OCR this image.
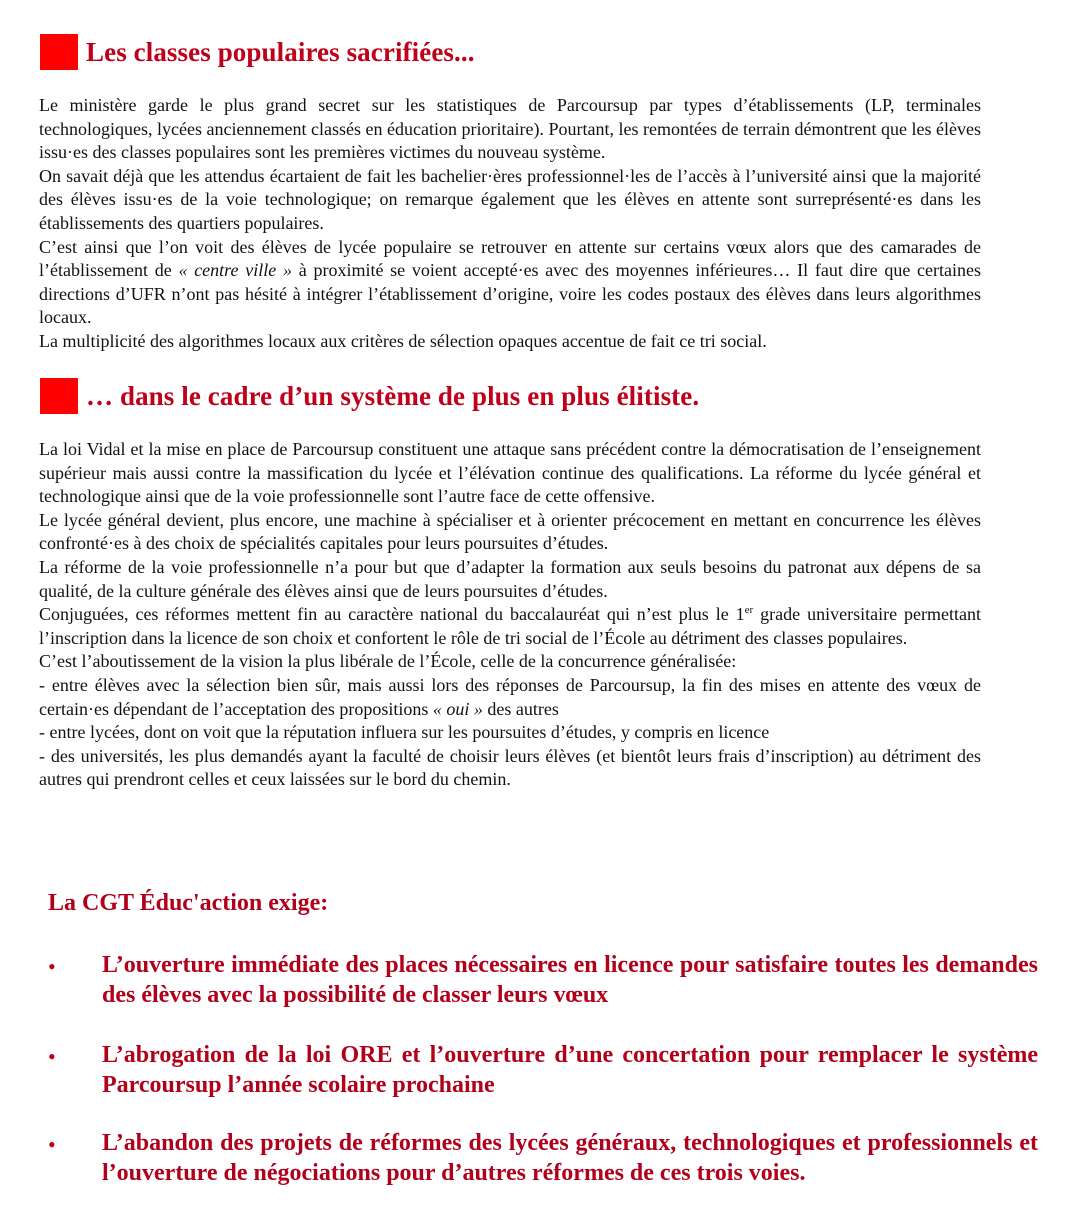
Les classes populaires sacrifiées...

Le ministère garde le plus grand secret sur les statistiques de Parcoursup par types d’établissements (LP, terminales technologiques, lycées anciennement classés en éducation prioritaire). Pourtant, les remontées de terrain démontrent que les élèves issu·es des classes populaires sont les premières victimes du nouveau système.

On savait déjà que les attendus écartaient de fait les bachelier·ères professionnel·les de l’accès à l’université ainsi que la majorité des élèves issu·es de la voie technologique; on remarque également que les élèves en attente sont surreprésenté·es dans les établissements des quartiers populaires.

C’est ainsi que l’on voit des élèves de lycée populaire se retrouver en attente sur certains vœux alors que des camarades de l’établissement de « centre ville » à proximité se voient accepté·es avec des moyennes inférieures… Il faut dire que certaines directions d’UFR n’ont pas hésité à intégrer l’établissement d’origine, voire les codes postaux des élèves dans leurs algorithmes locaux.

La multiplicité des algorithmes locaux aux critères de sélection opaques accentue de fait ce tri social.

… dans le cadre d’un système de plus en plus élitiste.

La loi Vidal et la mise en place de Parcoursup constituent une attaque sans précédent contre la démocratisation de l’enseignement supérieur mais aussi contre la massification du lycée et l’élévation continue des qualifications. La réforme du lycée général et technologique ainsi que de la voie professionnelle sont l’autre face de cette offensive.

Le lycée général devient, plus encore, une machine à spécialiser et à orienter précocement en mettant en concurrence les élèves confronté·es à des choix de spécialités capitales pour leurs poursuites d’études.

La réforme de la voie professionnelle n’a pour but que d’adapter la formation aux seuls besoins du patronat aux dépens de sa qualité, de la culture générale des élèves ainsi que de leurs poursuites d’études.

Conjuguées, ces réformes mettent fin au caractère national du baccalauréat qui n’est plus le 1er grade universitaire permettant l’inscription dans la licence de son choix et confortent le rôle de tri social de l’École au détriment des classes populaires.

C’est l’aboutissement de la vision la plus libérale de l’École, celle de la concurrence généralisée:

- entre élèves avec la sélection bien sûr, mais aussi lors des réponses de Parcoursup, la fin des mises en attente des vœux de certain·es dépendant de l’acceptation des propositions « oui » des autres

- entre lycées, dont on voit que la réputation influera sur les poursuites d’études, y compris en licence

- des universités, les plus demandés ayant la faculté de choisir leurs élèves (et bientôt leurs frais d’inscription) au détriment des autres qui prendront celles et ceux laissées sur le bord du chemin.

La CGT Éduc'action exige:
•	L’ouverture immédiate des places nécessaires en licence pour satisfaire toutes les demandes des élèves avec la possibilité de classer leurs vœux
•	L’abrogation de la loi ORE et l’ouverture d’une concertation pour remplacer le système Parcoursup l’année scolaire prochaine
•	L’abandon des projets de réformes des lycées généraux, technologiques et professionnels et l’ouverture de négociations pour d’autres réformes de ces trois voies.
